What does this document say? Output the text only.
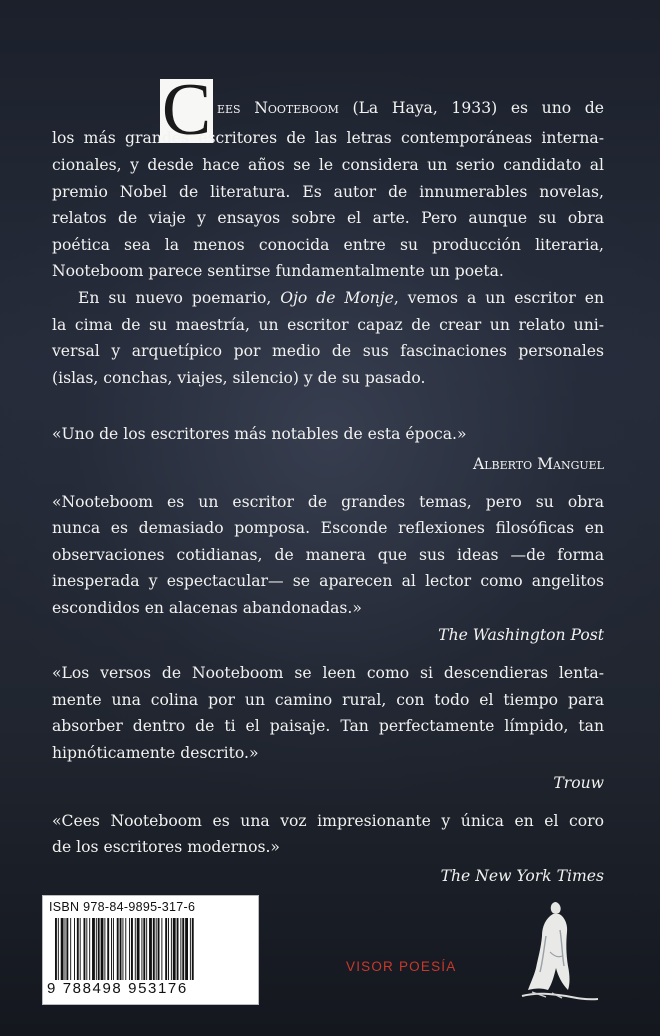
C ees Nooteboom (La Haya, 1933) es uno de
los más grandes escritores de las letras contemporáneas interna-
cionales, y desde hace años se le considera un serio candidato al
premio Nobel de literatura. Es autor de innumerables novelas,
relatos de viaje y ensayos sobre el arte. Pero aunque su obra
poética sea la menos conocida entre su producción literaria,
Nooteboom parece sentirse fundamentalmente un poeta.
En su nuevo poemario, Ojo de Monje, vemos a un escritor en
la cima de su maestría, un escritor capaz de crear un relato uni-
versal y arquetípico por medio de sus fascinaciones personales
(islas, conchas, viajes, silencio) y de su pasado.
«Uno de los escritores más notables de esta época.»
Alberto Manguel
«Nooteboom es un escritor de grandes temas, pero su obra
nunca es demasiado pomposa. Esconde reflexiones filosóficas en
observaciones cotidianas, de manera que sus ideas —de forma
inesperada y espectacular— se aparecen al lector como angelitos
escondidos en alacenas abandonadas.»
The Washington Post
«Los versos de Nooteboom se leen como si descendieras lenta-
mente una colina por un camino rural, con todo el tiempo para
absorber dentro de ti el paisaje. Tan perfectamente límpido, tan
hipnóticamente descrito.»
Trouw
«Cees Nooteboom es una voz impresionante y única en el coro
de los escritores modernos.»
The New York Times
ISBN 978-84-9895-317-6
9 788498 953176
VISOR POESÍA
